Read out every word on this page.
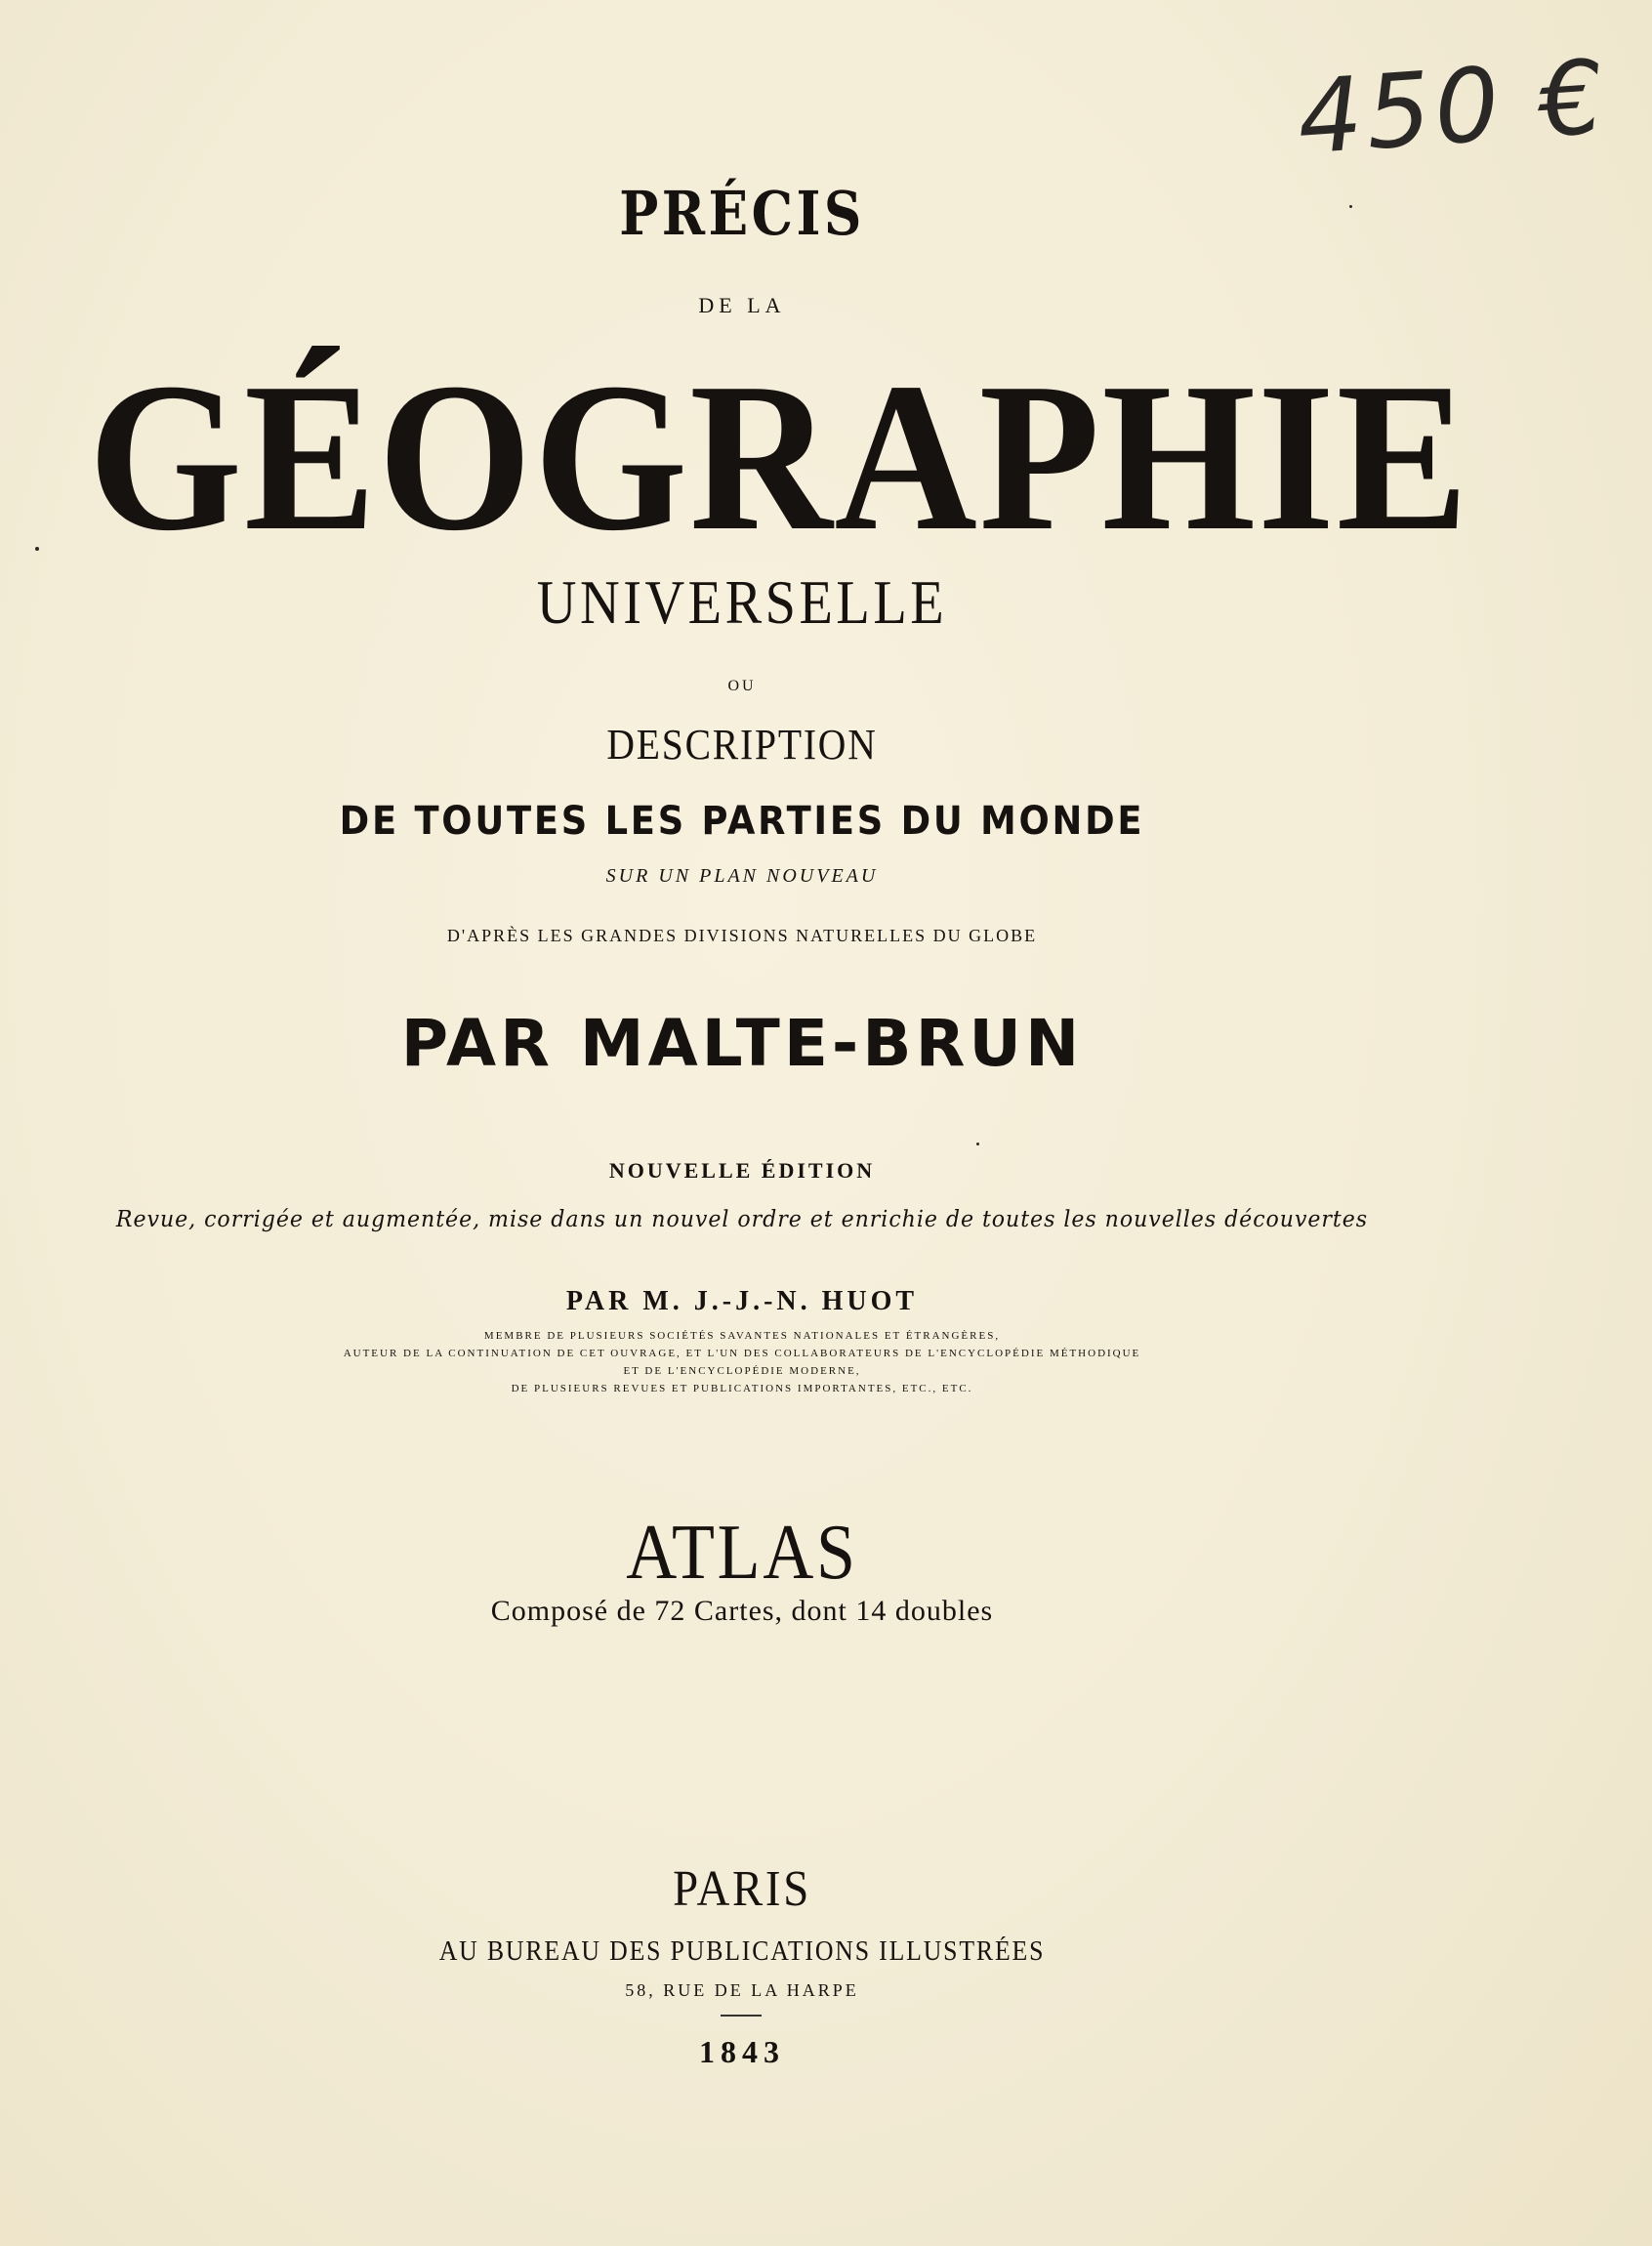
450 €
PRÉCIS
DE LA
GÉOGRAPHIE
UNIVERSELLE
OU
DESCRIPTION
DE TOUTES LES PARTIES DU MONDE
SUR UN PLAN NOUVEAU
D'APRÈS LES GRANDES DIVISIONS NATURELLES DU GLOBE
PAR MALTE-BRUN
NOUVELLE ÉDITION
Revue, corrigée et augmentée, mise dans un nouvel ordre et enrichie de toutes les nouvelles découvertes
PAR M. J.-J.-N. HUOT
MEMBRE DE PLUSIEURS SOCIÉTÉS SAVANTES NATIONALES ET ÉTRANGÈRES,
AUTEUR DE LA CONTINUATION DE CET OUVRAGE, ET L'UN DES COLLABORATEURS DE L'ENCYCLOPÉDIE MÉTHODIQUE
ET DE L'ENCYCLOPÉDIE MODERNE,
DE PLUSIEURS REVUES ET PUBLICATIONS IMPORTANTES, ETC., ETC.
ATLAS
Composé de 72 Cartes, dont 14 doubles
PARIS
AU BUREAU DES PUBLICATIONS ILLUSTRÉES
58, RUE DE LA HARPE
1843
